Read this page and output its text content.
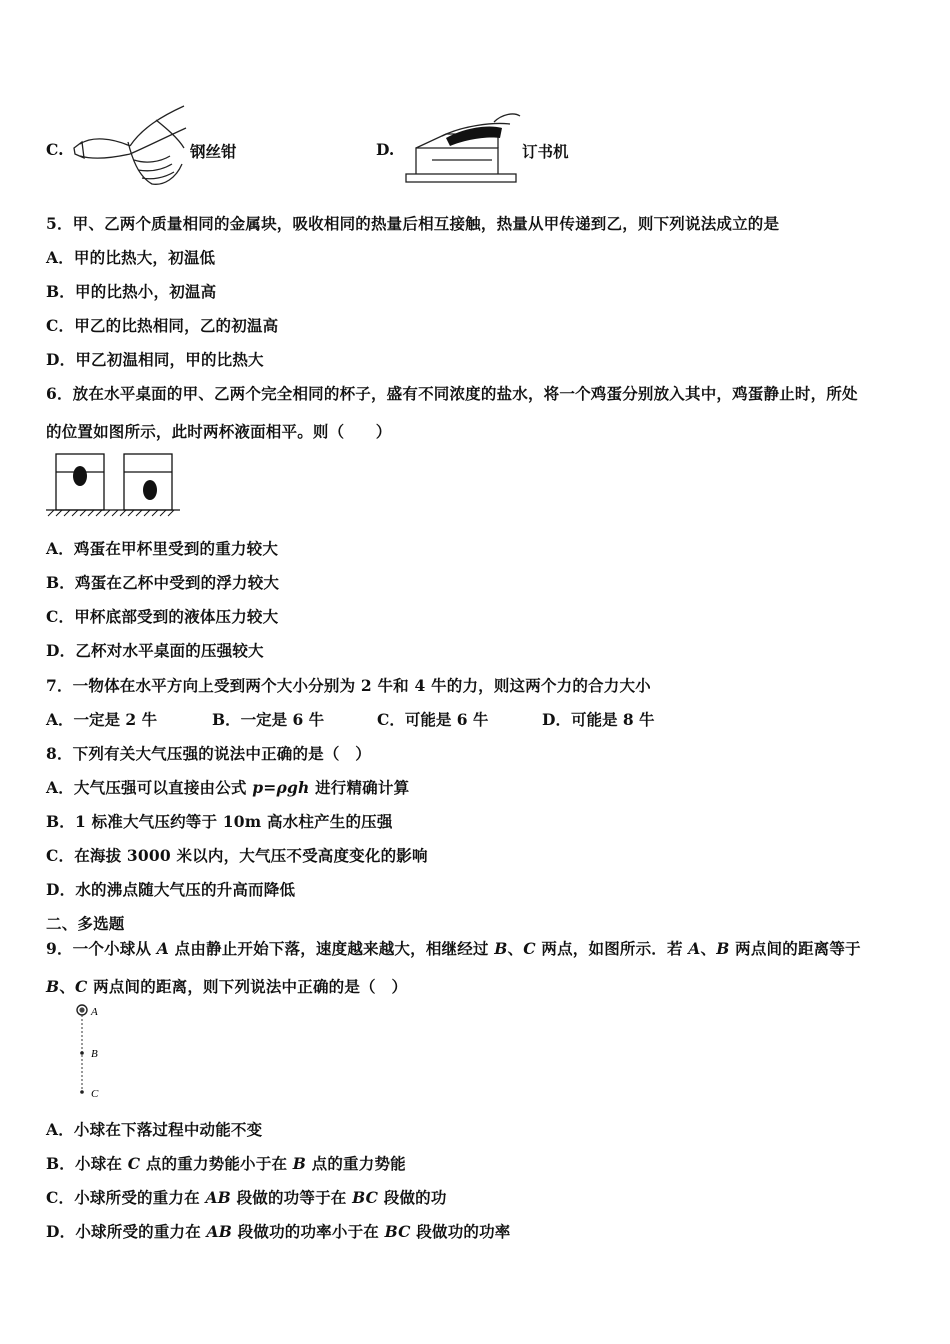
C.	钢丝钳	D.	订书机
5．甲、乙两个质量相同的金属块，吸收相同的热量后相互接触，热量从甲传递到乙，则下列说法成立的是
A．甲的比热大，初温低
B．甲的比热小，初温高
C．甲乙的比热相同，乙的初温高
D．甲乙初温相同，甲的比热大
6．放在水平桌面的甲、乙两个完全相同的杯子，盛有不同浓度的盐水，将一个鸡蛋分别放入其中，鸡蛋静止时，所处
的位置如图所示，此时两杯液面相平。则（　　）
A．鸡蛋在甲杯里受到的重力较大
B．鸡蛋在乙杯中受到的浮力较大
C．甲杯底部受到的液体压力较大
D．乙杯对水平桌面的压强较大
7．一物体在水平方向上受到两个大小分别为 2 牛和 4 牛的力，则这两个力的合力大小
A．一定是 2 牛	B．一定是 6 牛	C．可能是 6 牛	D．可能是 8 牛
8．下列有关大气压强的说法中正确的是（　）
A．大气压强可以直接由公式 p=ρgh 进行精确计算
B．1 标准大气压约等于 10m 高水柱产生的压强
C．在海拔 3000 米以内，大气压不受高度变化的影响
D．水的沸点随大气压的升高而降低
二、多选题
9．一个小球从 A 点由静止开始下落，速度越来越大，相继经过 B、C 两点，如图所示．若 A、B 两点间的距离等于
B、C 两点间的距离，则下列说法中正确的是（　）
A
B
C
A．小球在下落过程中动能不变
B．小球在 C 点的重力势能小于在 B 点的重力势能
C．小球所受的重力在 AB 段做的功等于在 BC 段做的功
D．小球所受的重力在 AB 段做功的功率小于在 BC 段做功的功率
